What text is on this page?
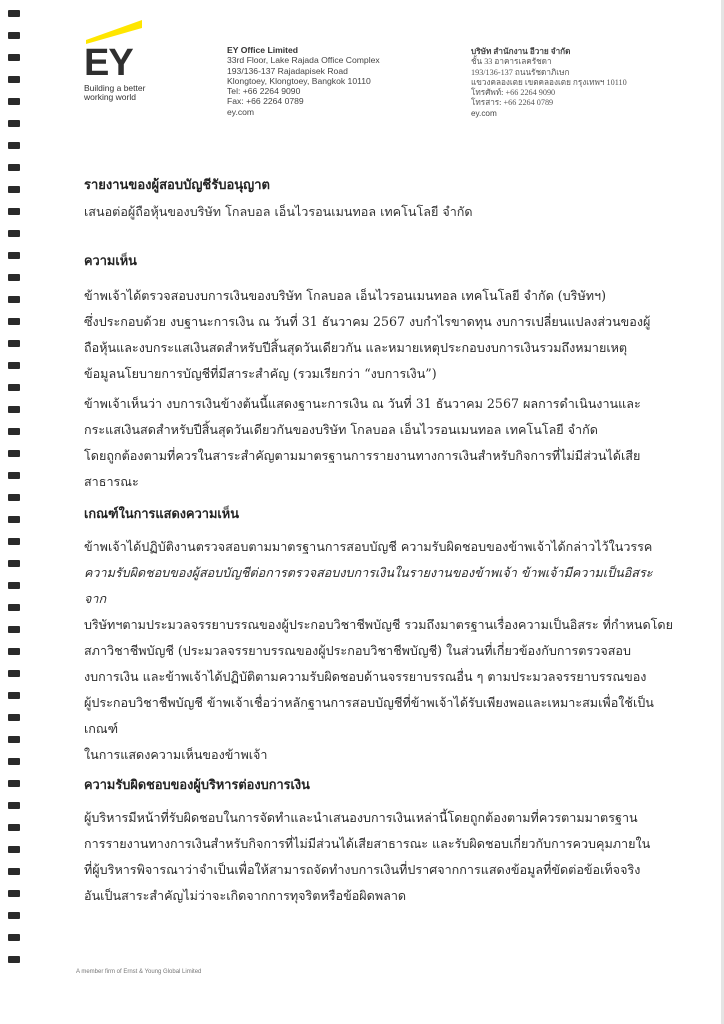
EY
Building a better
working world
EY Office Limited
33rd Floor, Lake Rajada Office Complex
193/136-137 Rajadapisek Road
Klongtoey, Klongtoey, Bangkok 10110
Tel: +66 2264 9090
Fax: +66 2264 0789
ey.com
บริษัท สำนักงาน อีวาย จำกัด
ชั้น 33 อาคารเลครัชดา
193/136-137 ถนนรัชดาภิเษก
แขวงคลองเตย เขตคลองเตย กรุงเทพฯ 10110
โทรศัพท์: +66 2264 9090
โทรสาร: +66 2264 0789
ey.com
รายงานของผู้สอบบัญชีรับอนุญาต
เสนอต่อผู้ถือหุ้นของบริษัท โกลบอล เอ็นไวรอนเมนทอล เทคโนโลยี จำกัด
ความเห็น
ข้าพเจ้าได้ตรวจสอบงบการเงินของบริษัท โกลบอล เอ็นไวรอนเมนทอล เทคโนโลยี จำกัด (บริษัทฯ)
ซึ่งประกอบด้วย งบฐานะการเงิน ณ วันที่ 31 ธันวาคม 2567 งบกำไรขาดทุน งบการเปลี่ยนแปลงส่วนของผู้
ถือหุ้นและงบกระแสเงินสดสำหรับปีสิ้นสุดวันเดียวกัน และหมายเหตุประกอบงบการเงินรวมถึงหมายเหตุ
ข้อมูลนโยบายการบัญชีที่มีสาระสำคัญ (รวมเรียกว่า “งบการเงิน”)
ข้าพเจ้าเห็นว่า งบการเงินข้างต้นนี้แสดงฐานะการเงิน ณ วันที่ 31 ธันวาคม 2567 ผลการดำเนินงานและ
กระแสเงินสดสำหรับปีสิ้นสุดวันเดียวกันของบริษัท โกลบอล เอ็นไวรอนเมนทอล เทคโนโลยี จำกัด
โดยถูกต้องตามที่ควรในสาระสำคัญตามมาตรฐานการรายงานทางการเงินสำหรับกิจการที่ไม่มีส่วนได้เสีย
สาธารณะ
เกณฑ์ในการแสดงความเห็น
ข้าพเจ้าได้ปฏิบัติงานตรวจสอบตามมาตรฐานการสอบบัญชี ความรับผิดชอบของข้าพเจ้าได้กล่าวไว้ในวรรค
ความรับผิดชอบของผู้สอบบัญชีต่อการตรวจสอบงบการเงินในรายงานของข้าพเจ้า ข้าพเจ้ามีความเป็นอิสระจาก
บริษัทฯตามประมวลจรรยาบรรณของผู้ประกอบวิชาชีพบัญชี รวมถึงมาตรฐานเรื่องความเป็นอิสระ ที่กำหนดโดย
สภาวิชาชีพบัญชี (ประมวลจรรยาบรรณของผู้ประกอบวิชาชีพบัญชี) ในส่วนที่เกี่ยวข้องกับการตรวจสอบ
งบการเงิน และข้าพเจ้าได้ปฏิบัติตามความรับผิดชอบด้านจรรยาบรรณอื่น ๆ ตามประมวลจรรยาบรรณของ
ผู้ประกอบวิชาชีพบัญชี ข้าพเจ้าเชื่อว่าหลักฐานการสอบบัญชีที่ข้าพเจ้าได้รับเพียงพอและเหมาะสมเพื่อใช้เป็นเกณฑ์
ในการแสดงความเห็นของข้าพเจ้า
ความรับผิดชอบของผู้บริหารต่องบการเงิน
ผู้บริหารมีหน้าที่รับผิดชอบในการจัดทำและนำเสนองบการเงินเหล่านี้โดยถูกต้องตามที่ควรตามมาตรฐาน
การรายงานทางการเงินสำหรับกิจการที่ไม่มีส่วนได้เสียสาธารณะ และรับผิดชอบเกี่ยวกับการควบคุมภายใน
ที่ผู้บริหารพิจารณาว่าจำเป็นเพื่อให้สามารถจัดทำงบการเงินที่ปราศจากการแสดงข้อมูลที่ขัดต่อข้อเท็จจริง
อันเป็นสาระสำคัญไม่ว่าจะเกิดจากการทุจริตหรือข้อผิดพลาด
A member firm of Ernst & Young Global Limited
